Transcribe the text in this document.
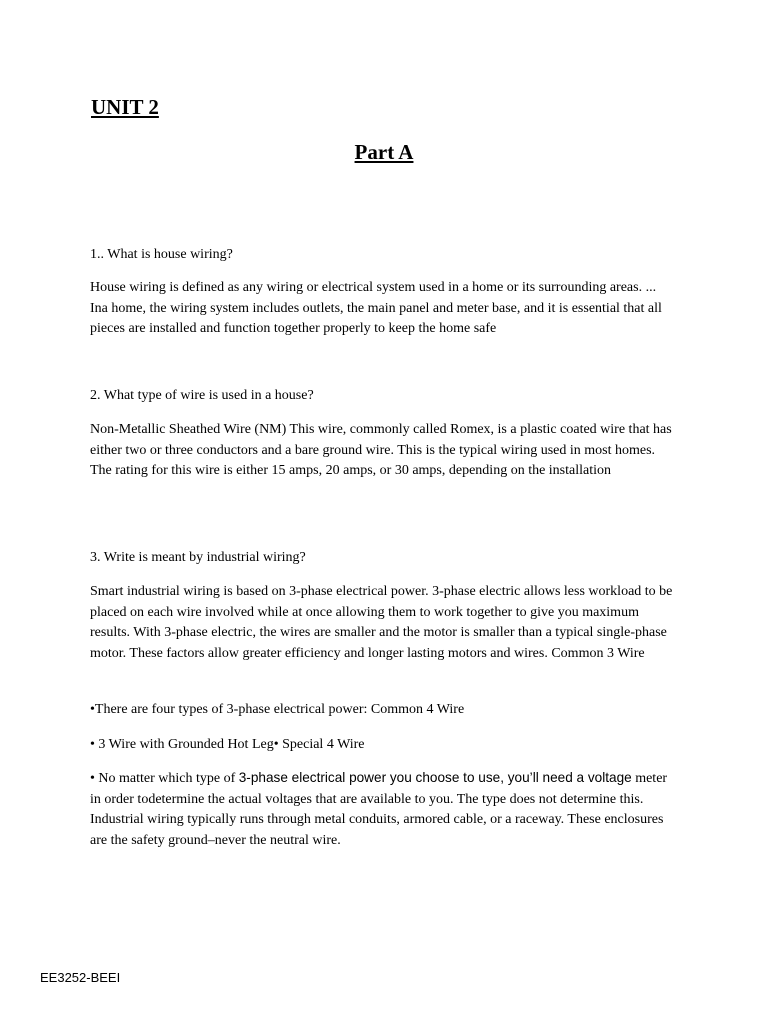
UNIT 2
Part A

1.. What is house wiring?

House wiring is defined as any wiring or electrical system used in a home or its surrounding areas. ... Ina home, the wiring system includes outlets, the main panel and meter base, and it is essential that all pieces are installed and function together properly to keep the home safe

2. What type of wire is used in a house?

Non-Metallic Sheathed Wire (NM) This wire, commonly called Romex, is a plastic coated wire that has either two or three conductors and a bare ground wire. This is the typical wiring used in most homes. The rating for this wire is either 15 amps, 20 amps, or 30 amps, depending on the installation

3. Write is meant by industrial wiring?

Smart industrial wiring is based on 3-phase electrical power. 3-phase electric allows less workload to be placed on each wire involved while at once allowing them to work together to give you maximum results. With 3-phase electric, the wires are smaller and the motor is smaller than a typical single-phase motor. These factors allow greater efficiency and longer lasting motors and wires. Common 3 Wire

•There are four types of 3-phase electrical power: Common 4 Wire

• 3 Wire with Grounded Hot Leg• Special 4 Wire

• No matter which type of 3-phase electrical power you choose to use, you’ll need a voltage meter in order todetermine the actual voltages that are available to you. The type does not determine this. Industrial wiring typically runs through metal conduits, armored cable, or a raceway. These enclosures are the safety ground–never the neutral wire.

EE3252-BEEI
